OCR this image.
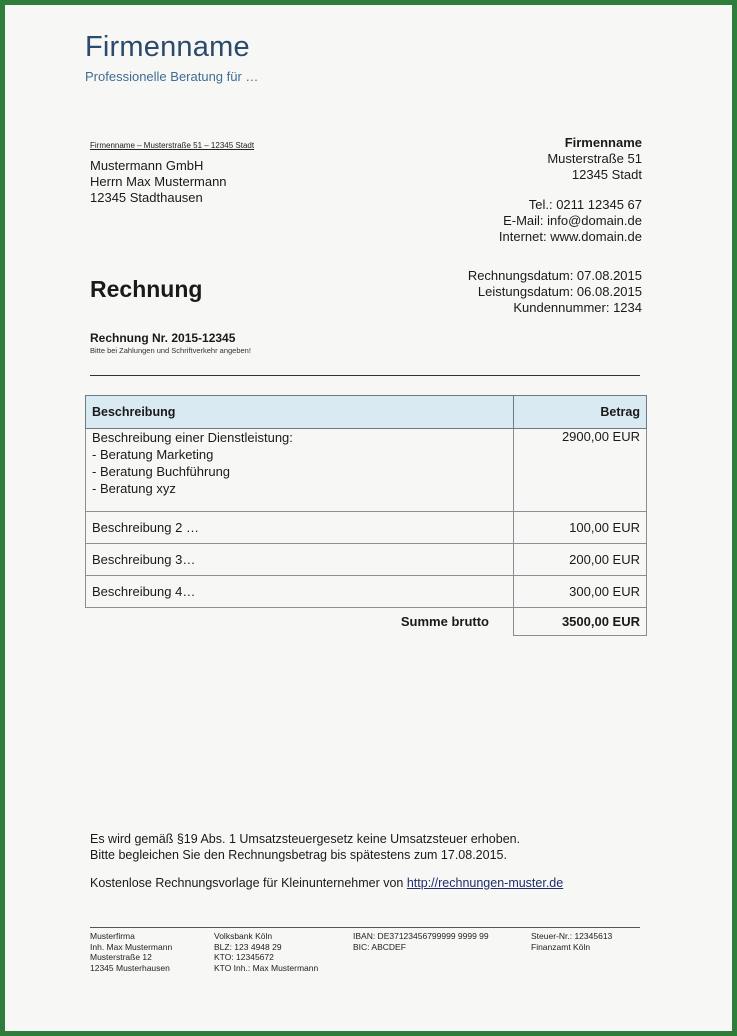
Firmenname
Professionelle Beratung für …
Firmenname – Musterstraße 51 – 12345 Stadt
Mustermann GmbH
Herrn Max Mustermann
12345 Stadthausen
Firmenname
Musterstraße 51
12345 Stadt
Tel.: 0211 12345 67
E-Mail: info@domain.de
Internet: www.domain.de
Rechnung
Rechnungsdatum: 07.08.2015
Leistungsdatum: 06.08.2015
Kundennummer: 1234
Rechnung Nr. 2015-12345
Bitte bei Zahlungen und Schriftverkehr angeben!
Beschreibung	Betrag

Beschreibung einer Dienstleistung:
- Beratung Marketing
- Beratung Buchführung
- Beratung xyz	2900,00 EUR
Beschreibung 2 …	100,00 EUR
Beschreibung 3…	200,00 EUR
Beschreibung 4…	300,00 EUR
Summe brutto	3500,00 EUR
Es wird gemäß §19 Abs. 1 Umsatzsteuergesetz keine Umsatzsteuer erhoben.
Bitte begleichen Sie den Rechnungsbetrag bis spätestens zum 17.08.2015.
Kostenlose Rechnungsvorlage für Kleinunternehmer von http://rechnungen-muster.de
Musterfirma
Inh. Max Mustermann
Musterstraße 12
12345 Musterhausen
Volksbank Köln
BLZ: 123 4948 29
KTO: 12345672
KTO Inh.: Max Mustermann
IBAN: DE37123456799999 9999 99
BIC: ABCDEF
Steuer-Nr.: 12345613
Finanzamt Köln
